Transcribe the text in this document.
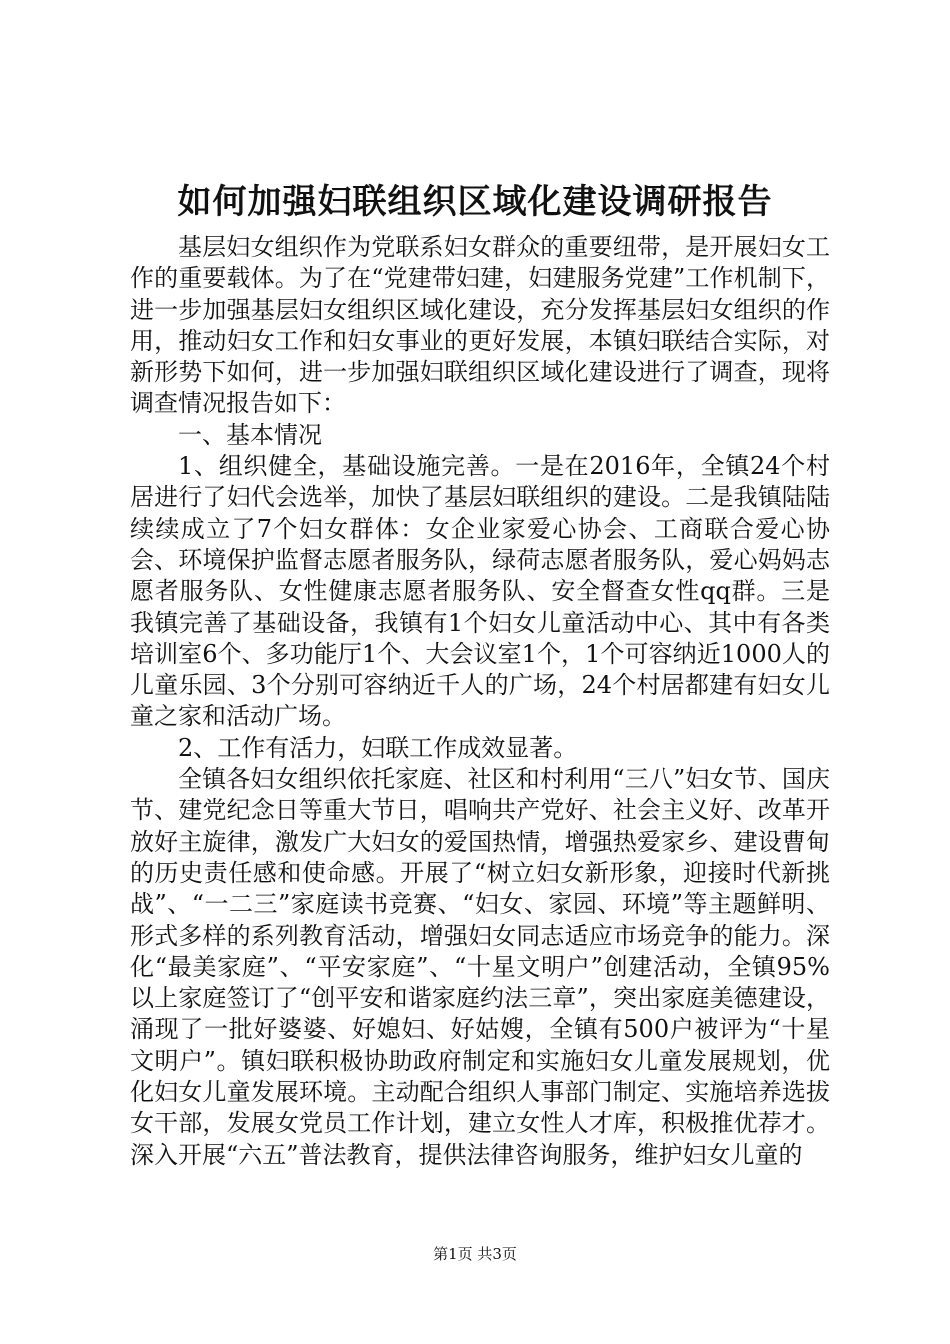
如何加强妇联组织区域化建设调研报告

基层妇女组织作为党联系妇女群众的重要纽带，是开展妇女工作的重要载体。为了在“党建带妇建，妇建服务党建”工作机制下，进一步加强基层妇女组织区域化建设，充分发挥基层妇女组织的作用，推动妇女工作和妇女事业的更好发展，本镇妇联结合实际，对新形势下如何，进一步加强妇联组织区域化建设进行了调查，现将调查情况报告如下：

一、基本情况

1、组织健全，基础设施完善。一是在2016年，全镇24个村居进行了妇代会选举，加快了基层妇联组织的建设。二是我镇陆陆续续成立了7个妇女群体：女企业家爱心协会、工商联合爱心协会、环境保护监督志愿者服务队，绿荷志愿者服务队，爱心妈妈志愿者服务队、女性健康志愿者服务队、安全督查女性qq群。三是我镇完善了基础设备，我镇有1个妇女儿童活动中心、其中有各类培训室6个、多功能厅1个、大会议室1个，1个可容纳近1000人的儿童乐园、3个分别可容纳近千人的广场，24个村居都建有妇女儿童之家和活动广场。

2、工作有活力，妇联工作成效显著。

全镇各妇女组织依托家庭、社区和村利用“三八”妇女节、国庆节、建党纪念日等重大节日，唱响共产党好、社会主义好、改革开放好主旋律，激发广大妇女的爱国热情，增强热爱家乡、建设曹甸的历史责任感和使命感。开展了“树立妇女新形象，迎接时代新挑战”、“一二三”家庭读书竞赛、“妇女、家园、环境”等主题鲜明、形式多样的系列教育活动，增强妇女同志适应市场竞争的能力。深化“最美家庭”、“平安家庭”、“十星文明户”创建活动，全镇95%以上家庭签订了“创平安和谐家庭约法三章”，突出家庭美德建设，涌现了一批好婆婆、好媳妇、好姑嫂，全镇有500户被评为“十星文明户”。镇妇联积极协助政府制定和实施妇女儿童发展规划，优化妇女儿童发展环境。主动配合组织人事部门制定、实施培养选拔女干部，发展女党员工作计划，建立女性人才库，积极推优荐才。深入开展“六五”普法教育，提供法律咨询服务，维护妇女儿童的

第1页 共3页
